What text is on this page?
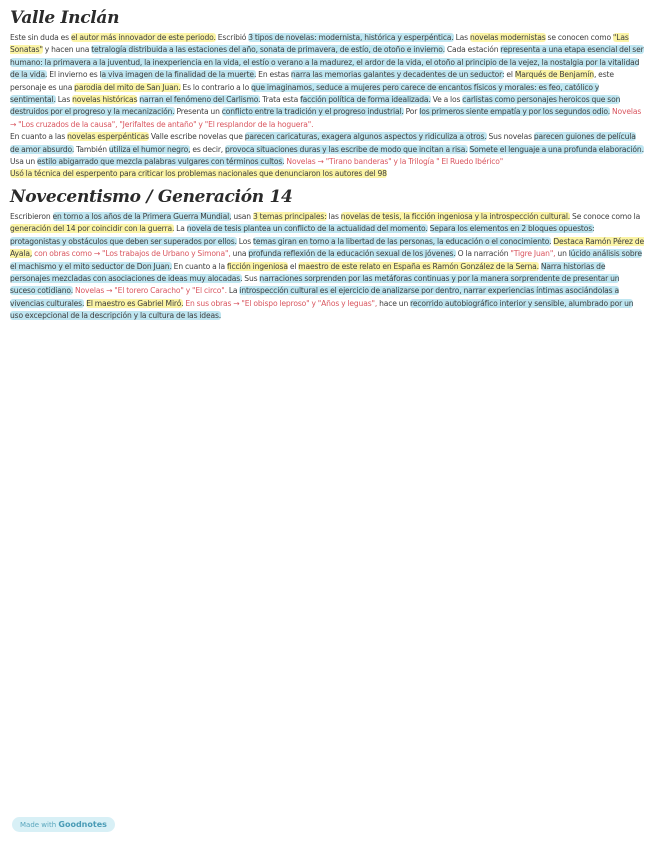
Valle Inclán

Este sin duda es el autor más innovador de este periodo. Escribió 3 tipos de novelas: modernista, histórica y esperpéntica. Las novelas modernistas se conocen como "Las Sonatas" y hacen una tetralogía distribuida a las estaciones del año, sonata de primavera, de estío, de otoño e invierno. Cada estación representa a una etapa esencial del ser humano: la primavera a la juventud, la inexperiencia en la vida, el estío o verano a la madurez, el ardor de la vida, el otoño al principio de la vejez, la nostalgia por la vitalidad de la vida. El invierno es la viva imagen de la finalidad de la muerte. En estas narra las memorias galantes y decadentes de un seductor: el Marqués de Benjamín, este personaje es una parodia del mito de San Juan. Es lo contrario a lo que imaginamos, seduce a mujeres pero carece de encantos físicos y morales: es feo, católico y sentimental. Las novelas históricas narran el fenómeno del Carlismo. Trata esta facción política de forma idealizada. Ve a los carlistas como personajes heroicos que son destruidos por el progreso y la mecanización. Presenta un conflicto entre la tradición y el progreso industrial. Por los primeros siente empatía y por los segundos odio. Novelas → "Los cruzados de la causa", "Jerifaltes de antaño" y "El resplandor de la hoguera".

En cuanto a las novelas esperpénticas Valle escribe novelas que parecen caricaturas, exagera algunos aspectos y ridiculiza a otros. Sus novelas parecen guiones de película de amor absurdo. También utiliza el humor negro, es decir, provoca situaciones duras y las escribe de modo que incitan a risa. Somete el lenguaje a una profunda elaboración. Usa un estilo abigarrado que mezcla palabras vulgares con términos cultos. Novelas → "Tirano banderas" y la Trilogía " El Ruedo Ibérico"

Usó la técnica del esperpento para criticar los problemas nacionales que denunciaron los autores del 98

Novecentismo / Generación 14

Escribieron en torno a los años de la Primera Guerra Mundial, usan 3 temas principales: las novelas de tesis, la ficción ingeniosa y la introspección cultural. Se conoce como la generación del 14 por coincidir con la guerra. La novela de tesis plantea un conflicto de la actualidad del momento. Separa los elementos en 2 bloques opuestos: protagonistas y obstáculos que deben ser superados por ellos. Los temas giran en torno a la libertad de las personas, la educación o el conocimiento. Destaca Ramón Pérez de Ayala, con obras como → "Los trabajos de Urbano y Simona", una profunda reflexión de la educación sexual de los jóvenes. O la narración "Tigre Juan", un lúcido análisis sobre el machismo y el mito seductor de Don Juan. En cuanto a la ficción ingeniosa el maestro de este relato en España es Ramón González de la Serna. Narra historias de personajes mezcladas con asociaciones de ideas muy alocadas. Sus narraciones sorprenden por las metáforas continuas y por la manera sorprendente de presentar un suceso cotidiano. Novelas → "El torero Caracho" y "El circo". La introspección cultural es el ejercicio de analizarse por dentro, narrar experiencias íntimas asociándolas a vivencias culturales. El maestro es Gabriel Miró. En sus obras → "El obispo leproso" y "Años y leguas", hace un recorrido autobiográfico interior y sensible, alumbrado por un uso excepcional de la descripción y la cultura de las ideas.

Made with Goodnotes
